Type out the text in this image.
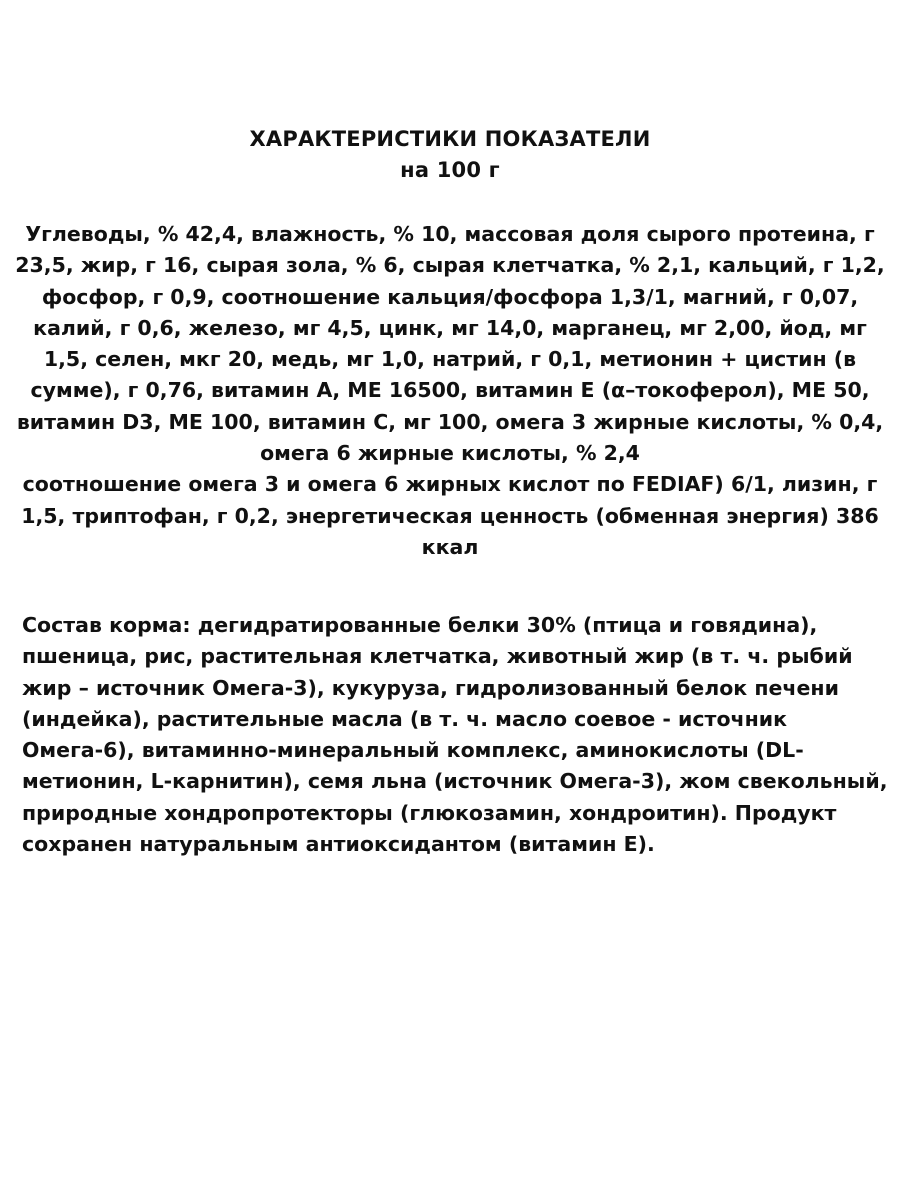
ХАРАКТЕРИСТИКИ ПОКАЗАТЕЛИ
на 100 г
Углеводы, % 42,4, влажность, % 10, массовая доля сырого протеина, г 23,5, жир, г 16, сырая зола, % 6, сырая клетчатка, % 2,1, кальций, г 1,2, фосфор, г 0,9, соотношение кальция/фосфора 1,3/1, магний, г 0,07, калий, г 0,6, железо, мг 4,5, цинк, мг 14,0, марганец, мг 2,00, йод, мг 1,5, селен, мкг 20, медь, мг 1,0, натрий, г 0,1, метионин + цистин (в сумме), г 0,76, витамин А, МЕ 16500, витамин Е (α–токоферол), МЕ 50, витамин D3, МЕ 100, витамин С, мг 100, омега 3 жирные кислоты, % 0,4, омега 6 жирные кислоты, % 2,4
соотношение омега 3 и омега 6 жирных кислот по FEDIAF) 6/1, лизин, г 1,5, триптофан, г 0,2, энергетическая ценность (обменная энергия) 386 ккал
Состав корма: дегидратированные белки 30% (птица и говядина), пшеница, рис, растительная клетчатка, животный жир (в т. ч. рыбий жир – источник Омега-3), кукуруза, гидролизованный белок печени (индейка), растительные масла (в т. ч. масло соевое - источник Омега-6), витаминно-минеральный комплекс, аминокислоты (DL-метионин, L-карнитин), семя льна (источник Омега-3), жом свекольный, природные хондропротекторы (глюкозамин, хондроитин). Продукт сохранен натуральным антиоксидантом (витамин Е).
